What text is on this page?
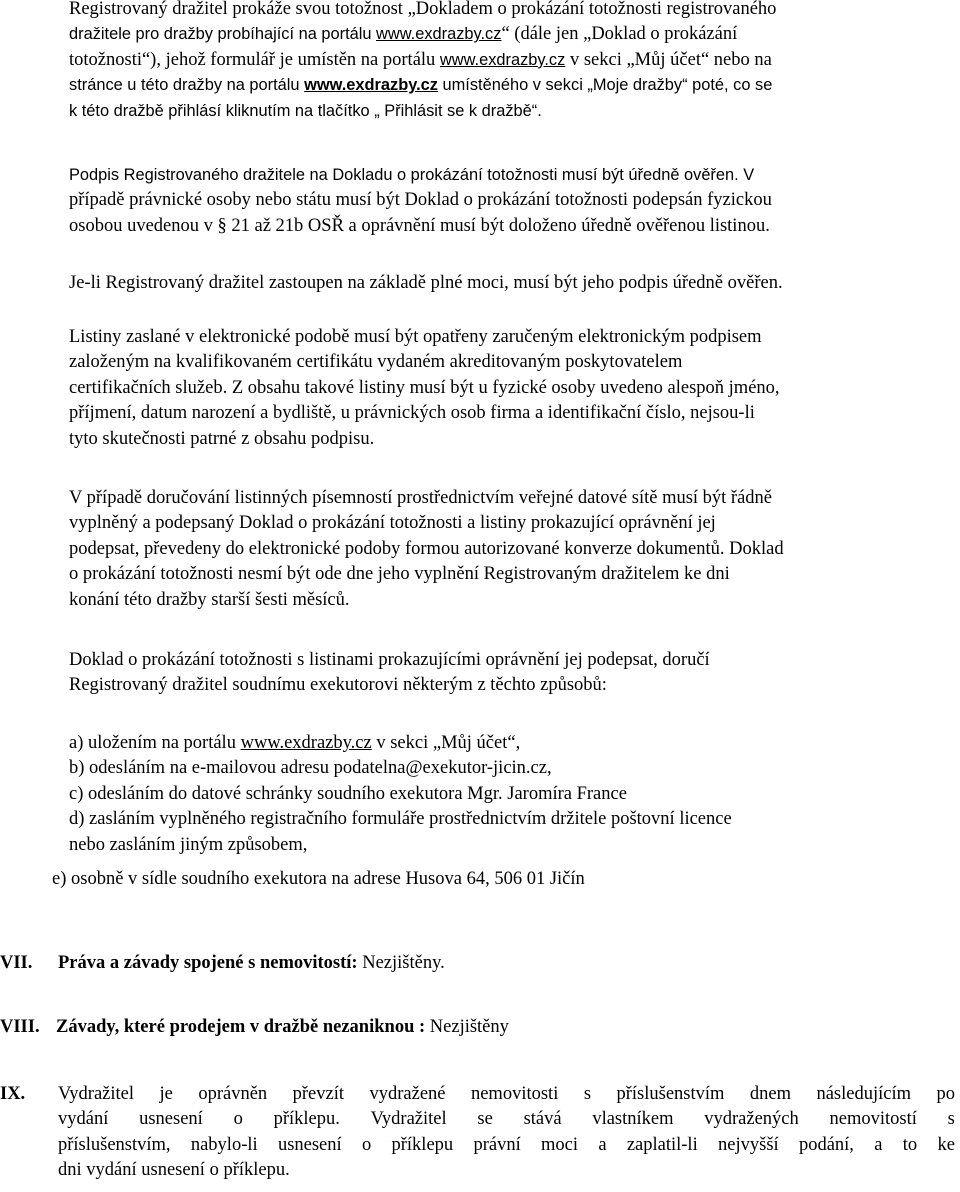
Registrovaný dražitel prokáže svou totožnost „Dokladem o prokázání totožnosti registrovaného
dražitele pro dražby probíhající na portálu www.exdrazby.cz“ (dále jen „Doklad o prokázání
totožnosti“), jehož formulář je umístěn na portálu www.exdrazby.cz v sekci „Můj účet“ nebo na
stránce u této dražby na portálu www.exdrazby.cz umístěného v sekci „Moje dražby“ poté, co se
k této dražbě přihlásí kliknutím na tlačítko „ Přihlásit se k dražbě“.
Podpis Registrovaného dražitele na Dokladu o prokázání totožnosti musí být úředně ověřen. V
případě právnické osoby nebo státu musí být Doklad o prokázání totožnosti podepsán fyzickou
osobou uvedenou v § 21 až 21b OSŘ a oprávnění musí být doloženo úředně ověřenou listinou.
Je-li Registrovaný dražitel zastoupen na základě plné moci, musí být jeho podpis úředně ověřen.
Listiny zaslané v elektronické podobě musí být opatřeny zaručeným elektronickým podpisem
založeným na kvalifikovaném certifikátu vydaném akreditovaným poskytovatelem
certifikačních služeb. Z obsahu takové listiny musí být u fyzické osoby uvedeno alespoň jméno,
příjmení, datum narození a bydliště, u právnických osob firma a identifikační číslo, nejsou-li
tyto skutečnosti patrné z obsahu podpisu.
V případě doručování listinných písemností prostřednictvím veřejné datové sítě musí být řádně
vyplněný a podepsaný Doklad o prokázání totožnosti a listiny prokazující oprávnění jej
podepsat, převedeny do elektronické podoby formou autorizované konverze dokumentů. Doklad
o prokázání totožnosti nesmí být ode dne jeho vyplnění Registrovaným dražitelem ke dni
konání této dražby starší šesti měsíců.
Doklad o prokázání totožnosti s listinami prokazujícími oprávnění jej podepsat, doručí
Registrovaný dražitel soudnímu exekutorovi některým z těchto způsobů:
a) uložením na portálu www.exdrazby.cz v sekci „Můj účet“,
b) odesláním na e-mailovou adresu podatelna@exekutor-jicin.cz,
c) odesláním do datové schránky soudního exekutora Mgr. Jaromíra France
d) zasláním vyplněného registračního formuláře prostřednictvím držitele poštovní licence
nebo zasláním jiným způsobem,
e) osobně v sídle soudního exekutora na adrese Husova 64, 506 01 Jičín
VII. Práva a závady spojené s nemovitostí: Nezjištěny.
VIII. Závady, které prodejem v dražbě nezaniknou : Nezjištěny
IX. Vydražitel je oprávněn převzít vydražené nemovitosti s příslušenstvím dnem následujícím po
vydání usnesení o příklepu. Vydražitel se stává vlastníkem vydražených nemovitostí s
příslušenstvím, nabylo-li usnesení o příklepu právní moci a zaplatil-li nejvyšší podání, a to ke
dni vydání usnesení o příklepu.
